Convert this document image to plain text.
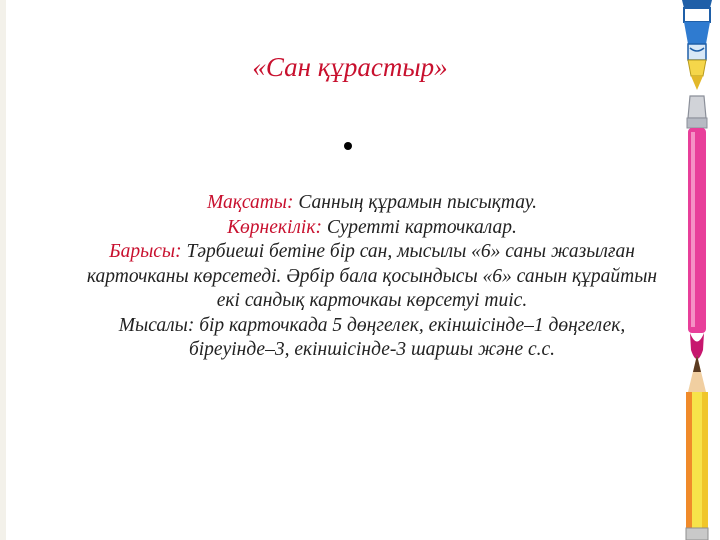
«Сан құрастыр»

Мақсаты: Санның құрамын пысықтау.

Көрнекілік: Суретті карточкалар.

Барысы: Тәрбиеші бетіне бір сан, мысылы «6» саны жазылған карточканы көрсетеді. Әрбір бала қосындысы «6» санын құрайтын екі сандық карточкаы көрсетуі тиіс.

Мысалы: бір карточкада 5 дөңгелек, екіншісінде–1 дөңгелек, біреуінде–3, екіншісінде-3 шаршы және с.с.
